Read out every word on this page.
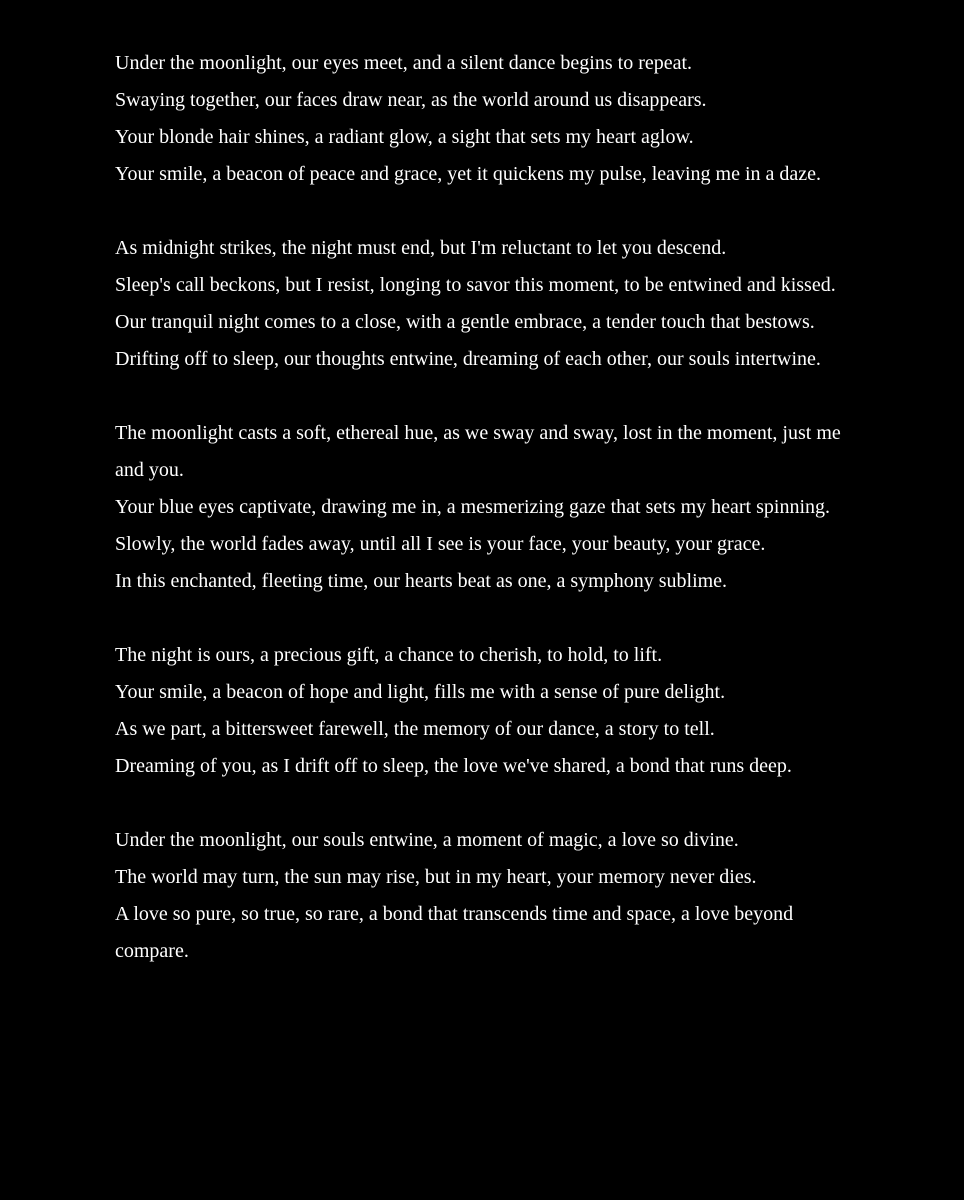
Under the moonlight, our eyes meet, and a silent dance begins to repeat.

Swaying together, our faces draw near, as the world around us disappears.

Your blonde hair shines, a radiant glow, a sight that sets my heart aglow.

Your smile, a beacon of peace and grace, yet it quickens my pulse, leaving me in a daze.

As midnight strikes, the night must end, but I'm reluctant to let you descend.

Sleep's call beckons, but I resist, longing to savor this moment, to be entwined and kissed.

Our tranquil night comes to a close, with a gentle embrace, a tender touch that bestows.

Drifting off to sleep, our thoughts entwine, dreaming of each other, our souls intertwine.

The moonlight casts a soft, ethereal hue, as we sway and sway, lost in the moment, just me and you.

Your blue eyes captivate, drawing me in, a mesmerizing gaze that sets my heart spinning.

Slowly, the world fades away, until all I see is your face, your beauty, your grace.

In this enchanted, fleeting time, our hearts beat as one, a symphony sublime.

The night is ours, a precious gift, a chance to cherish, to hold, to lift.

Your smile, a beacon of hope and light, fills me with a sense of pure delight.

As we part, a bittersweet farewell, the memory of our dance, a story to tell.

Dreaming of you, as I drift off to sleep, the love we've shared, a bond that runs deep.

Under the moonlight, our souls entwine, a moment of magic, a love so divine.

The world may turn, the sun may rise, but in my heart, your memory never dies.

A love so pure, so true, so rare, a bond that transcends time and space, a love beyond compare.
